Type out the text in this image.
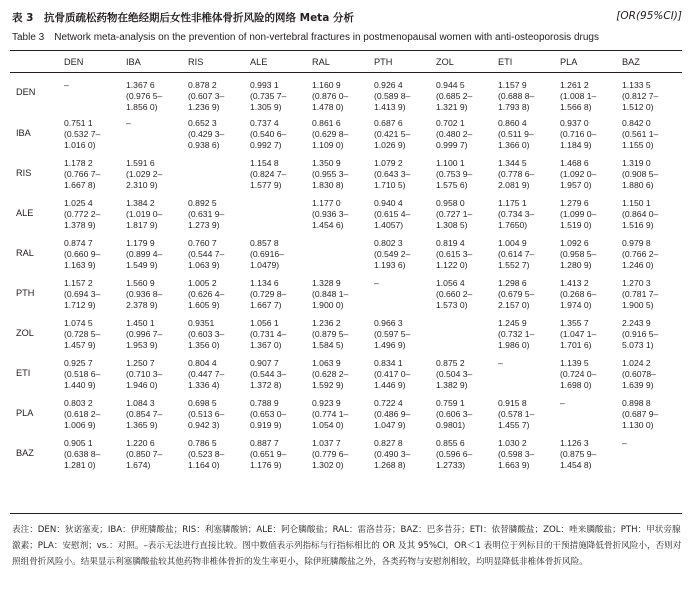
表 3　抗骨质疏松药物在绝经期后女性非椎体骨折风险的网络 Meta 分析	[OR(95%CI)]
Table 3　Network meta-analysis on the prevention of non-vertebral fractures in postmenopausal women with anti-osteoporosis drugs
	DEN	IBA	RIS	ALE	RAL	PTH	ZOL	ETI	PLA	BAZ
DEN	–	1.367 6
(0.976 5–
1.856 0)	0.878 2
(0.607 3–
1.236 9)	0.993 1
(0.735 7–
1.305 9)	1.160 9
(0.876 0–
1.478 0)	0.926 4
(0.589 8–
1.413 9)	0.944 5
(0.685 2–
1.321 9)	1.157 9
(0.688 8–
1.793 8)	1.261 2
(1.008 1–
1.566 8)	1.133 5
(0.812 7–
1.512 0)
IBA	0.751 1
(0.532 7–
1.016 0)	–	0.652 3
(0.429 3–
0.938 6)	0.737 4
(0.540 6–
0.992 7)	0.861 6
(0.629 8–
1.109 0)	0.687 6
(0.421 5–
1.026 9)	0.702 1
(0.480 2–
0.999 7)	0.860 4
(0.511 9–
1.366 0)	0.937 0
(0.716 0–
1.184 9)	0.842 0
(0.561 1–
1.155 0)
RIS	1.178 2
(0.766 7–
1.667 8)	1.591 6
(1.029 2–
2.310 9)		1.154 8
(0.824 7–
1.577 9)	1.350 9
(0.955 3–
1.830 8)	1.079 2
(0.643 3–
1.710 5)	1.100 1
(0.753 9–
1.575 6)	1.344 5
(0.778 6–
2.081 9)	1.468 6
(1.092 0–
1.957 0)	1.319 0
(0.908 5–
1.880 6)
ALE	1.025 4
(0.772 2–
1.378 9)	1.384 2
(1.019 0–
1.817 9)	0.892 5
(0.631 9–
1.273 9)		1.177 0
(0.936 3–
1.454 6)	0.940 4
(0.615 4–
1.4057)	0.958 0
(0.727 1–
1.308 5)	1.175 1
(0.734 3–
1.7650)	1.279 6
(1.099 0–
1.519 0)	1.150 1
(0.864 0–
1.516 9)
RAL	0.874 7
(0.660 9–
1.163 9)	1.179 9
(0.899 4–
1.549 9)	0.760 7
(0.544 7–
1.063 9)	0.857 8
(0.6916–
1.0479)		0.802 3
(0.549 2–
1.193 6)	0.819 4
(0.615 3–
1.122 0)	1.004 9
(0.614 7–
1.552 7)	1.092 6
(0.958 5–
1.280 9)	0.979 8
(0.766 2–
1.246 0)
PTH	1.157 2
(0.694 3–
1.712 9)	1.560 9
(0.936 8–
2.378 9)	1.005 2
(0.626 4–
1.605 9)	1.134 6
(0.729 8–
1.667 7)	1.328 9
(0.848 1–
1.900 0)	–	1.056 4
(0.660 2–
1.573 0)	1.298 6
(0.679 5–
2.157 0)	1.413 2
(0.268 6–
1.974 0)	1.270 3
(0.781 7–
1.900 5)
ZOL	1.074 5
(0.728 5–
1.457 9)	1.450 1
(0.996 7–
1.953 9)	0.9351
(0.603 3–
1.356 0)	1.056 1
(0.731 4–
1.367 0)	1.236 2
(0.879 5–
1.584 5)	0.966 3
(0.597 5–
1.496 9)		1.245 9
(0.732 1–
1.986 0)	1.355 7
(1.047 1–
1.701 6)	2.243 9
(0.916 5–
5.073 1)
ETI	0.925 7
(0.518 6–
1.440 9)	1.250 7
(0.710 3–
1.946 0)	0.804 4
(0.447 7–
1.336 4)	0.907 7
(0.544 3–
1.372 8)	1.063 9
(0.628 2–
1.592 9)	0.834 1
(0.417 0–
1.446 9)	0.875 2
(0.504 3–
1.382 9)	–	1.139 5
(0.724 0–
1.698 0)	1.024 2
(0.6078–
1.639 9)
PLA	0.803 2
(0.618 2–
1.006 9)	1.084 3
(0.854 7–
1.365 9)	0.698 5
(0.513 6–
0.942 3)	0.788 9
(0.653 0–
0.919 9)	0.923 9
(0.774 1–
1.054 0)	0.722 4
(0.486 9–
1.047 9)	0.759 1
(0.606 3–
0.9801)	0.915 8
(0.578 1–
1.455 7)	–	0.898 8
(0.687 9–
1.130 0)
BAZ	0.905 1
(0.638 8–
1.281 0)	1.220 6
(0.850 7–
1.674)	0.786 5
(0.523 8–
1.164 0)	0.887 7
(0.651 9–
1.176 9)	1.037 7
(0.779 6–
1.302 0)	0.827 8
(0.490 3–
1.268 8)	0.855 6
(0.596 6–
1.2733)	1.030 2
(0.598 3–
1.663 9)	1.126 3
(0.875 9–
1.454 8)	–
表注：DEN：狄诺塞麦；IBA：伊班膦酸盐；RIS：利塞膦酸钠；ALE：阿仑膦酸盐；RAL：雷洛昔芬；BAZ：巴多昔芬；ETI：依替膦酸盐；ZOL：唑来膦酸盐；PTH：甲状旁腺激素；PLA：安慰剂；vs.：对照。–表示无法进行直接比较。图中数值表示列指标与行指标相比的 OR 及其 95%CI，OR＜1 表明位于列标目的干预措施降低骨折风险小，否则对照组骨折风险小。结果显示利塞膦酸盐较其他药物非椎体骨折的发生率更小，除伊班膦酸盐之外，各类药物与安慰剂相较，均明显降低非椎体骨折风险。
